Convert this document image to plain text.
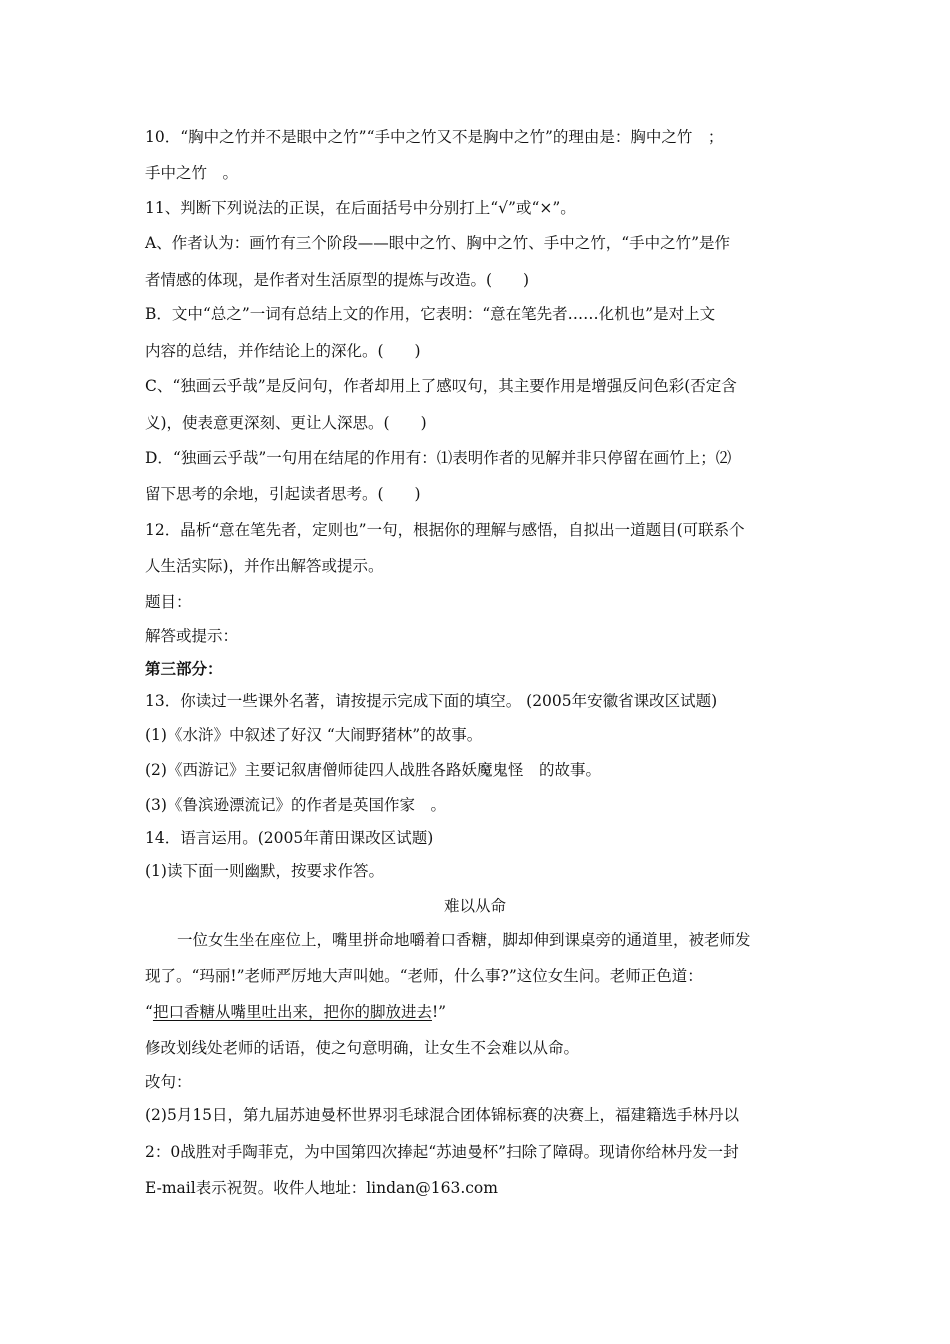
10．“胸中之竹并不是眼中之竹”“手中之竹又不是胸中之竹”的理由是：胸中之竹　；
手中之竹　。
11、判断下列说法的正误，在后面括号中分别打上“√”或“×”。
A、作者认为：画竹有三个阶段——眼中之竹、胸中之竹、手中之竹，“手中之竹”是作
者情感的体现，是作者对生活原型的提炼与改造。(　　)
B．文中“总之”一词有总结上文的作用，它表明：“意在笔先者……化机也”是对上文
内容的总结，并作结论上的深化。(　　)
C、“独画云乎哉”是反问句，作者却用上了感叹句，其主要作用是增强反问色彩(否定含
义)，使表意更深刻、更让人深思。(　　)
D．“独画云乎哉”一句用在结尾的作用有：⑴表明作者的见解并非只停留在画竹上；⑵
留下思考的余地，引起读者思考。(　　)
12．晶析“意在笔先者，定则也”一句，根据你的理解与感悟，自拟出一道题目(可联系个
人生活实际)，并作出解答或提示。
题目：
解答或提示：
第三部分：
13．你读过一些课外名著，请按提示完成下面的填空。 (2005年安徽省课改区试题)
(1)《水浒》中叙述了好汉 “大闹野猪林”的故事。
(2)《西游记》主要记叙唐僧师徒四人战胜各路妖魔鬼怪　的故事。
(3)《鲁滨逊漂流记》的作者是英国作家　。
14．语言运用。(2005年莆田课改区试题)
(1)读下面一则幽默，按要求作答。
难以从命
一位女生坐在座位上，嘴里拼命地嚼着口香糖，脚却伸到课桌旁的通道里，被老师发
现了。“玛丽!”老师严厉地大声叫她。“老师，什么事?”这位女生问。老师正色道：
“把口香糖从嘴里吐出来，把你的脚放进去!”
修改划线处老师的话语，使之句意明确，让女生不会难以从命。
改句：
(2)5月15日，第九届苏迪曼杯世界羽毛球混合团体锦标赛的决赛上，福建籍选手林丹以
2：0战胜对手陶菲克，为中国第四次捧起“苏迪曼杯”扫除了障碍。现请你给林丹发一封
E-mail表示祝贺。收件人地址：lindan@163.com
